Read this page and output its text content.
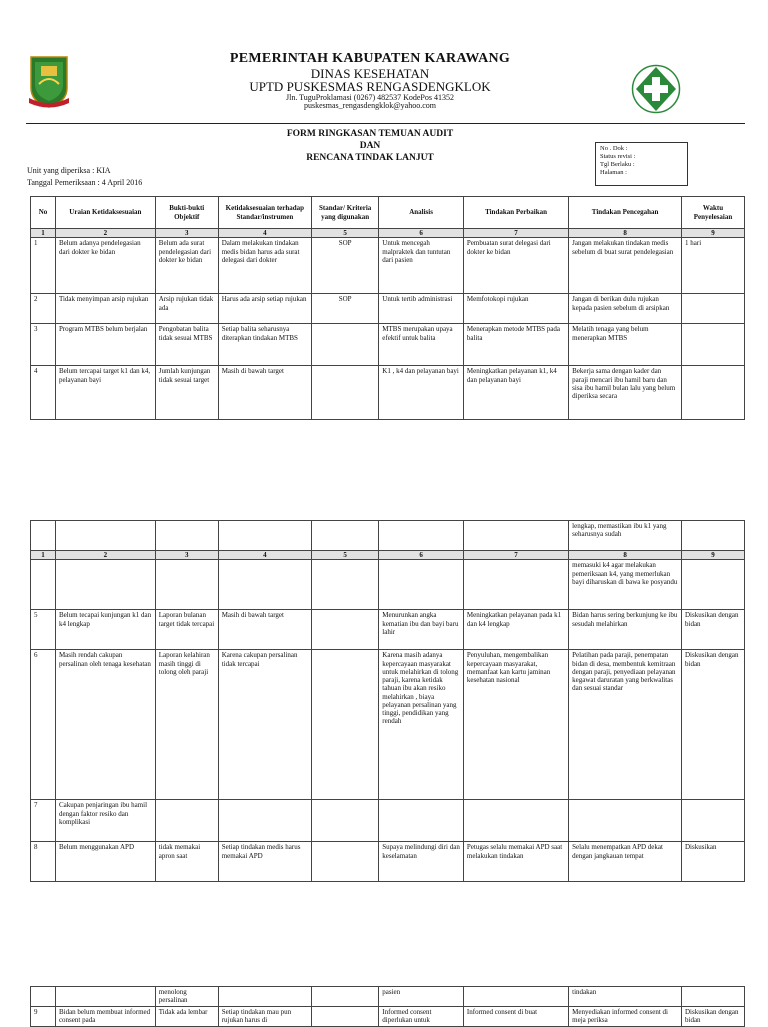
PEMERINTAH KABUPATEN KARAWANG
DINAS KESEHATAN
UPTD PUSKESMAS RENGASDENGKLOK
Jln. TuguProklamasi (0267) 482537 KodePos 41352
puskesmas_rengasdengklok@yahoo.com
FORM RINGKASAN TEMUAN AUDIT
DAN
RENCANA TINDAK LANJUT
No . Dok :
Status revisi :
Tgl Berlaku :
Halaman :
Unit yang diperiksa : KIA
Tanggal Pemeriksaan : 4 April 2016
No	Uraian Ketidaksesuaian	Bukti-bukti Objektif	Ketidaksesuaian terhadap Standar/instrumen	Standar/ Kriteria yang digunakan	Analisis	Tindakan Perbaikan	Tindakan Pencegahan	Waktu Penyelesaian
1	2	3	4	5	6	7	8	9
1	Belum adanya pendelegasian dari dokter ke bidan	Belum ada surat pendelegasian dari dokter ke bidan	Dalam melakukan tindakan medis bidan harus ada surat delegasi dari dokter	SOP	Untuk mencegah malpraktek dan tuntutan dari pasien	Pembuatan surat delegasi dari dokter ke bidan	Jangan melakukan tindakan medis sebelum di buat surat pendelegasian	1 hari
2	Tidak menyimpan arsip rujukan	Arsip rujukan tidak ada	Harus ada arsip setiap rujukan	SOP	Untuk tertib administrasi	Memfotokopi rujukan	Jangan di berikan dulu rujukan kepada pasien sebelum di arsipkan	
3	Program MTBS belum berjalan	Pengobatan balita tidak sesuai MTBS	Setiap balita seharusnya diterapkan tindakan MTBS		MTBS merupakan upaya efektif untuk balita	Menerapkan metode MTBS pada balita	Melatih tenaga yang belum menerapkan MTBS	
4	Belum tercapai target k1 dan k4, pelayanan bayi	Jumlah kunjungan tidak sesuai target	Masih di bawah target		K1 , k4 dan pelayanan bayi	Meningkatkan pelayanan k1, k4 dan pelayanan bayi	Bekerja sama dengan kader dan paraji mencari ibu hamil baru dan sisa ibu hamil bulan lalu yang belum diperiksa secara	
							lengkap, memastikan ibu k1 yang seharusnya sudah	
1	2	3	4	5	6	7	8	9
							memasuki k4 agar melakukan pemeriksaan k4, yang memerlukan bayi diharuskan di bawa ke posyandu	
5	Belum tecapai kunjungan k1 dan k4 lengkap	Laporan bulanan target tidak tercapai	Masih di bawah target		Menurunkan angka kematian ibu dan bayi baru lahir	Meningkatkan pelayanan pada k1 dan k4 lengkap	Bidan harus sering berkunjung ke ibu sesudah melahirkan	Diskusikan dengan bidan
6	Masih rendah cakupan persalinan oleh tenaga kesehatan	Laporan kelahiran masih tinggi di tolong oleh paraji	Karena cakupan persalinan tidak tercapai		Karena masih adanya kepercayaan masyarakat untuk melahirkan di tolong paraji, karena ketidak tahuan ibu akan resiko melahirkan , biaya pelayanan persalinan yang tinggi, pendidikan yang rendah	Penyuluhan, mengembalikan kepercayaan masyarakat, memanfaat kan kartu jaminan kesehatan nasional	Pelatihan pada paraji, penempatan bidan di desa, membentuk kemitraan dengan paraji, penyediaan pelayanan kegawat daruratan yang berkwalitas dan sesuai standar	Diskusikan dengan bidan
7	Cakupan penjaringan ibu hamil dengan faktor resiko dan komplikasi							
8	Belum menggunakan APD	tidak memakai apron saat	Setiap tindakan medis harus memakai APD		Supaya melindungi diri dan keselamatan	Petugas selalu memakai APD saat melakukan tindakan	Selalu menempatkan APD dekat dengan jangkauan tempat	Diskusikan
		menolong persalinan			pasien		tindakan	
9	Bidan belum membuat informed consent pada	Tidak ada lembar	Setiap tindakan mau pun rujukan harus di		Informed consent diperlukan untuk	Informed consent di buat	Menyediakan informed consent di meja periksa	Diskusikan dengan bidan
